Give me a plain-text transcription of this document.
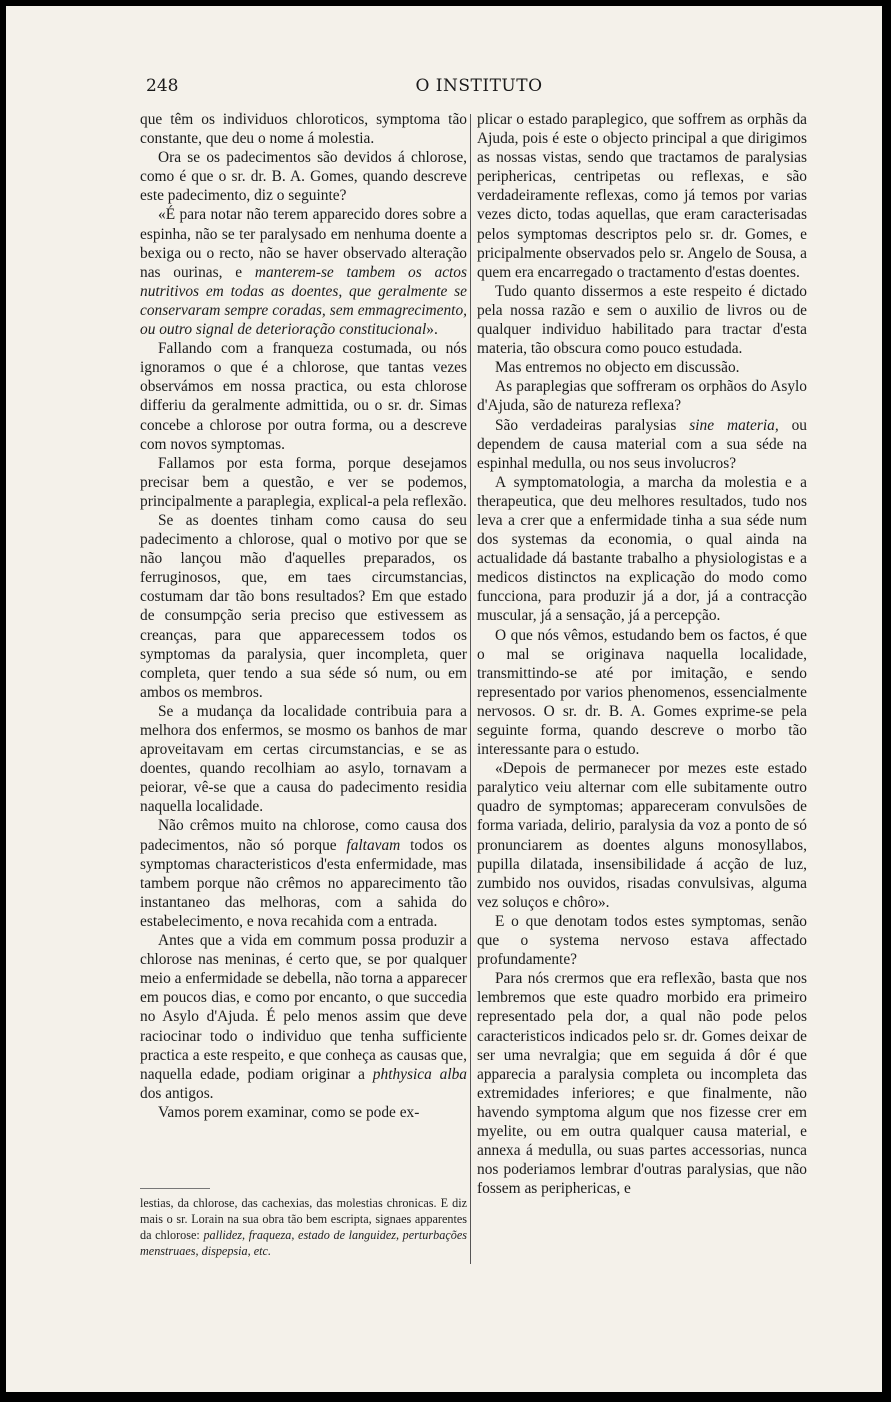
248	O INSTITUTO

que têm os individuos chloroticos, symptoma tão constante, que deu o nome á molestia.

Ora se os padecimentos são devidos á chlorose, como é que o sr. dr. B. A. Gomes, quando descreve este padecimento, diz o seguinte?

«É para notar não terem apparecido dores sobre a espinha, não se ter paralysado em nenhuma doente a bexiga ou o recto, não se haver observado alteração nas ourinas, e manterem-se tambem os actos nutritivos em todas as doentes, que geralmente se conservaram sempre coradas, sem emmagrecimento, ou outro signal de deterioração constitucional».

Fallando com a franqueza costumada, ou nós ignoramos o que é a chlorose, que tantas vezes observámos em nossa practica, ou esta chlorose differiu da geralmente admittida, ou o sr. dr. Simas concebe a chlorose por outra forma, ou a descreve com novos symptomas.

Fallamos por esta forma, porque desejamos precisar bem a questão, e ver se podemos, principalmente a paraplegia, explical-a pela reflexão.

Se as doentes tinham como causa do seu padecimento a chlorose, qual o motivo por que se não lançou mão d'aquelles preparados, os ferruginosos, que, em taes circumstancias, costumam dar tão bons resultados? Em que estado de consumpção seria preciso que estivessem as creanças, para que apparecessem todos os symptomas da paralysia, quer incompleta, quer completa, quer tendo a sua séde só num, ou em ambos os membros.

Se a mudança da localidade contribuia para a melhora dos enfermos, se mosmo os banhos de mar aproveitavam em certas circumstancias, e se as doentes, quando recolhiam ao asylo, tornavam a peiorar, vê-se que a causa do padecimento residia naquella localidade.

Não crêmos muito na chlorose, como causa dos padecimentos, não só porque faltavam todos os symptomas characteristicos d'esta enfermidade, mas tambem porque não crêmos no apparecimento tão instantaneo das melhoras, com a sahida do estabelecimento, e nova recahida com a entrada.

Antes que a vida em commum possa produzir a chlorose nas meninas, é certo que, se por qualquer meio a enfermidade se debella, não torna a apparecer em poucos dias, e como por encanto, o que succedia no Asylo d'Ajuda. É pelo menos assim que deve raciocinar todo o individuo que tenha sufficiente practica a este respeito, e que conheça as causas que, naquella edade, podiam originar a phthysica alba dos antigos.

Vamos porem examinar, como se pode ex-

lestias, da chlorose, das cachexias, das molestias chronicas. E diz mais o sr. Lorain na sua obra tão bem escripta, signaes apparentes da chlorose: pallidez, fraqueza, estado de languidez, perturbações menstruaes, dispepsia, etc.

plicar o estado paraplegico, que soffrem as orphãs da Ajuda, pois é este o objecto principal a que dirigimos as nossas vistas, sendo que tractamos de paralysias periphericas, centripetas ou reflexas, e são verdadeiramente reflexas, como já temos por varias vezes dicto, todas aquellas, que eram caracterisadas pelos symptomas descriptos pelo sr. dr. Gomes, e pricipalmente observados pelo sr. Angelo de Sousa, a quem era encarregado o tractamento d'estas doentes.

Tudo quanto dissermos a este respeito é dictado pela nossa razão e sem o auxilio de livros ou de qualquer individuo habilitado para tractar d'esta materia, tão obscura como pouco estudada.

Mas entremos no objecto em discussão.

As paraplegias que soffreram os orphãos do Asylo d'Ajuda, são de natureza reflexa?

São verdadeiras paralysias sine materia, ou dependem de causa material com a sua séde na espinhal medulla, ou nos seus involucros?

A symptomatologia, a marcha da molestia e a therapeutica, que deu melhores resultados, tudo nos leva a crer que a enfermidade tinha a sua séde num dos systemas da economia, o qual ainda na actualidade dá bastante trabalho a physiologistas e a medicos distinctos na explicação do modo como funcciona, para produzir já a dor, já a contracção muscular, já a sensação, já a percepção.

O que nós vêmos, estudando bem os factos, é que o mal se originava naquella localidade, transmittindo-se até por imitação, e sendo representado por varios phenomenos, essencialmente nervosos. O sr. dr. B. A. Gomes exprime-se pela seguinte forma, quando descreve o morbo tão interessante para o estudo.

«Depois de permanecer por mezes este estado paralytico veiu alternar com elle subitamente outro quadro de symptomas; appareceram convulsões de forma variada, delirio, paralysia da voz a ponto de só pronunciarem as doentes alguns monosyllabos, pupilla dilatada, insensibilidade á acção de luz, zumbido nos ouvidos, risadas convulsivas, alguma vez soluços e chôro».

E o que denotam todos estes symptomas, senão que o systema nervoso estava affectado profundamente?

Para nós crermos que era reflexão, basta que nos lembremos que este quadro morbido era primeiro representado pela dor, a qual não pode pelos caracteristicos indicados pelo sr. dr. Gomes deixar de ser uma nevralgia; que em seguida á dôr é que apparecia a paralysia completa ou incompleta das extremidades inferiores; e que finalmente, não havendo symptoma algum que nos fizesse crer em myelite, ou em outra qualquer causa material, e annexa á medulla, ou suas partes accessorias, nunca nos poderiamos lembrar d'outras paralysias, que não fossem as periphericas, e
